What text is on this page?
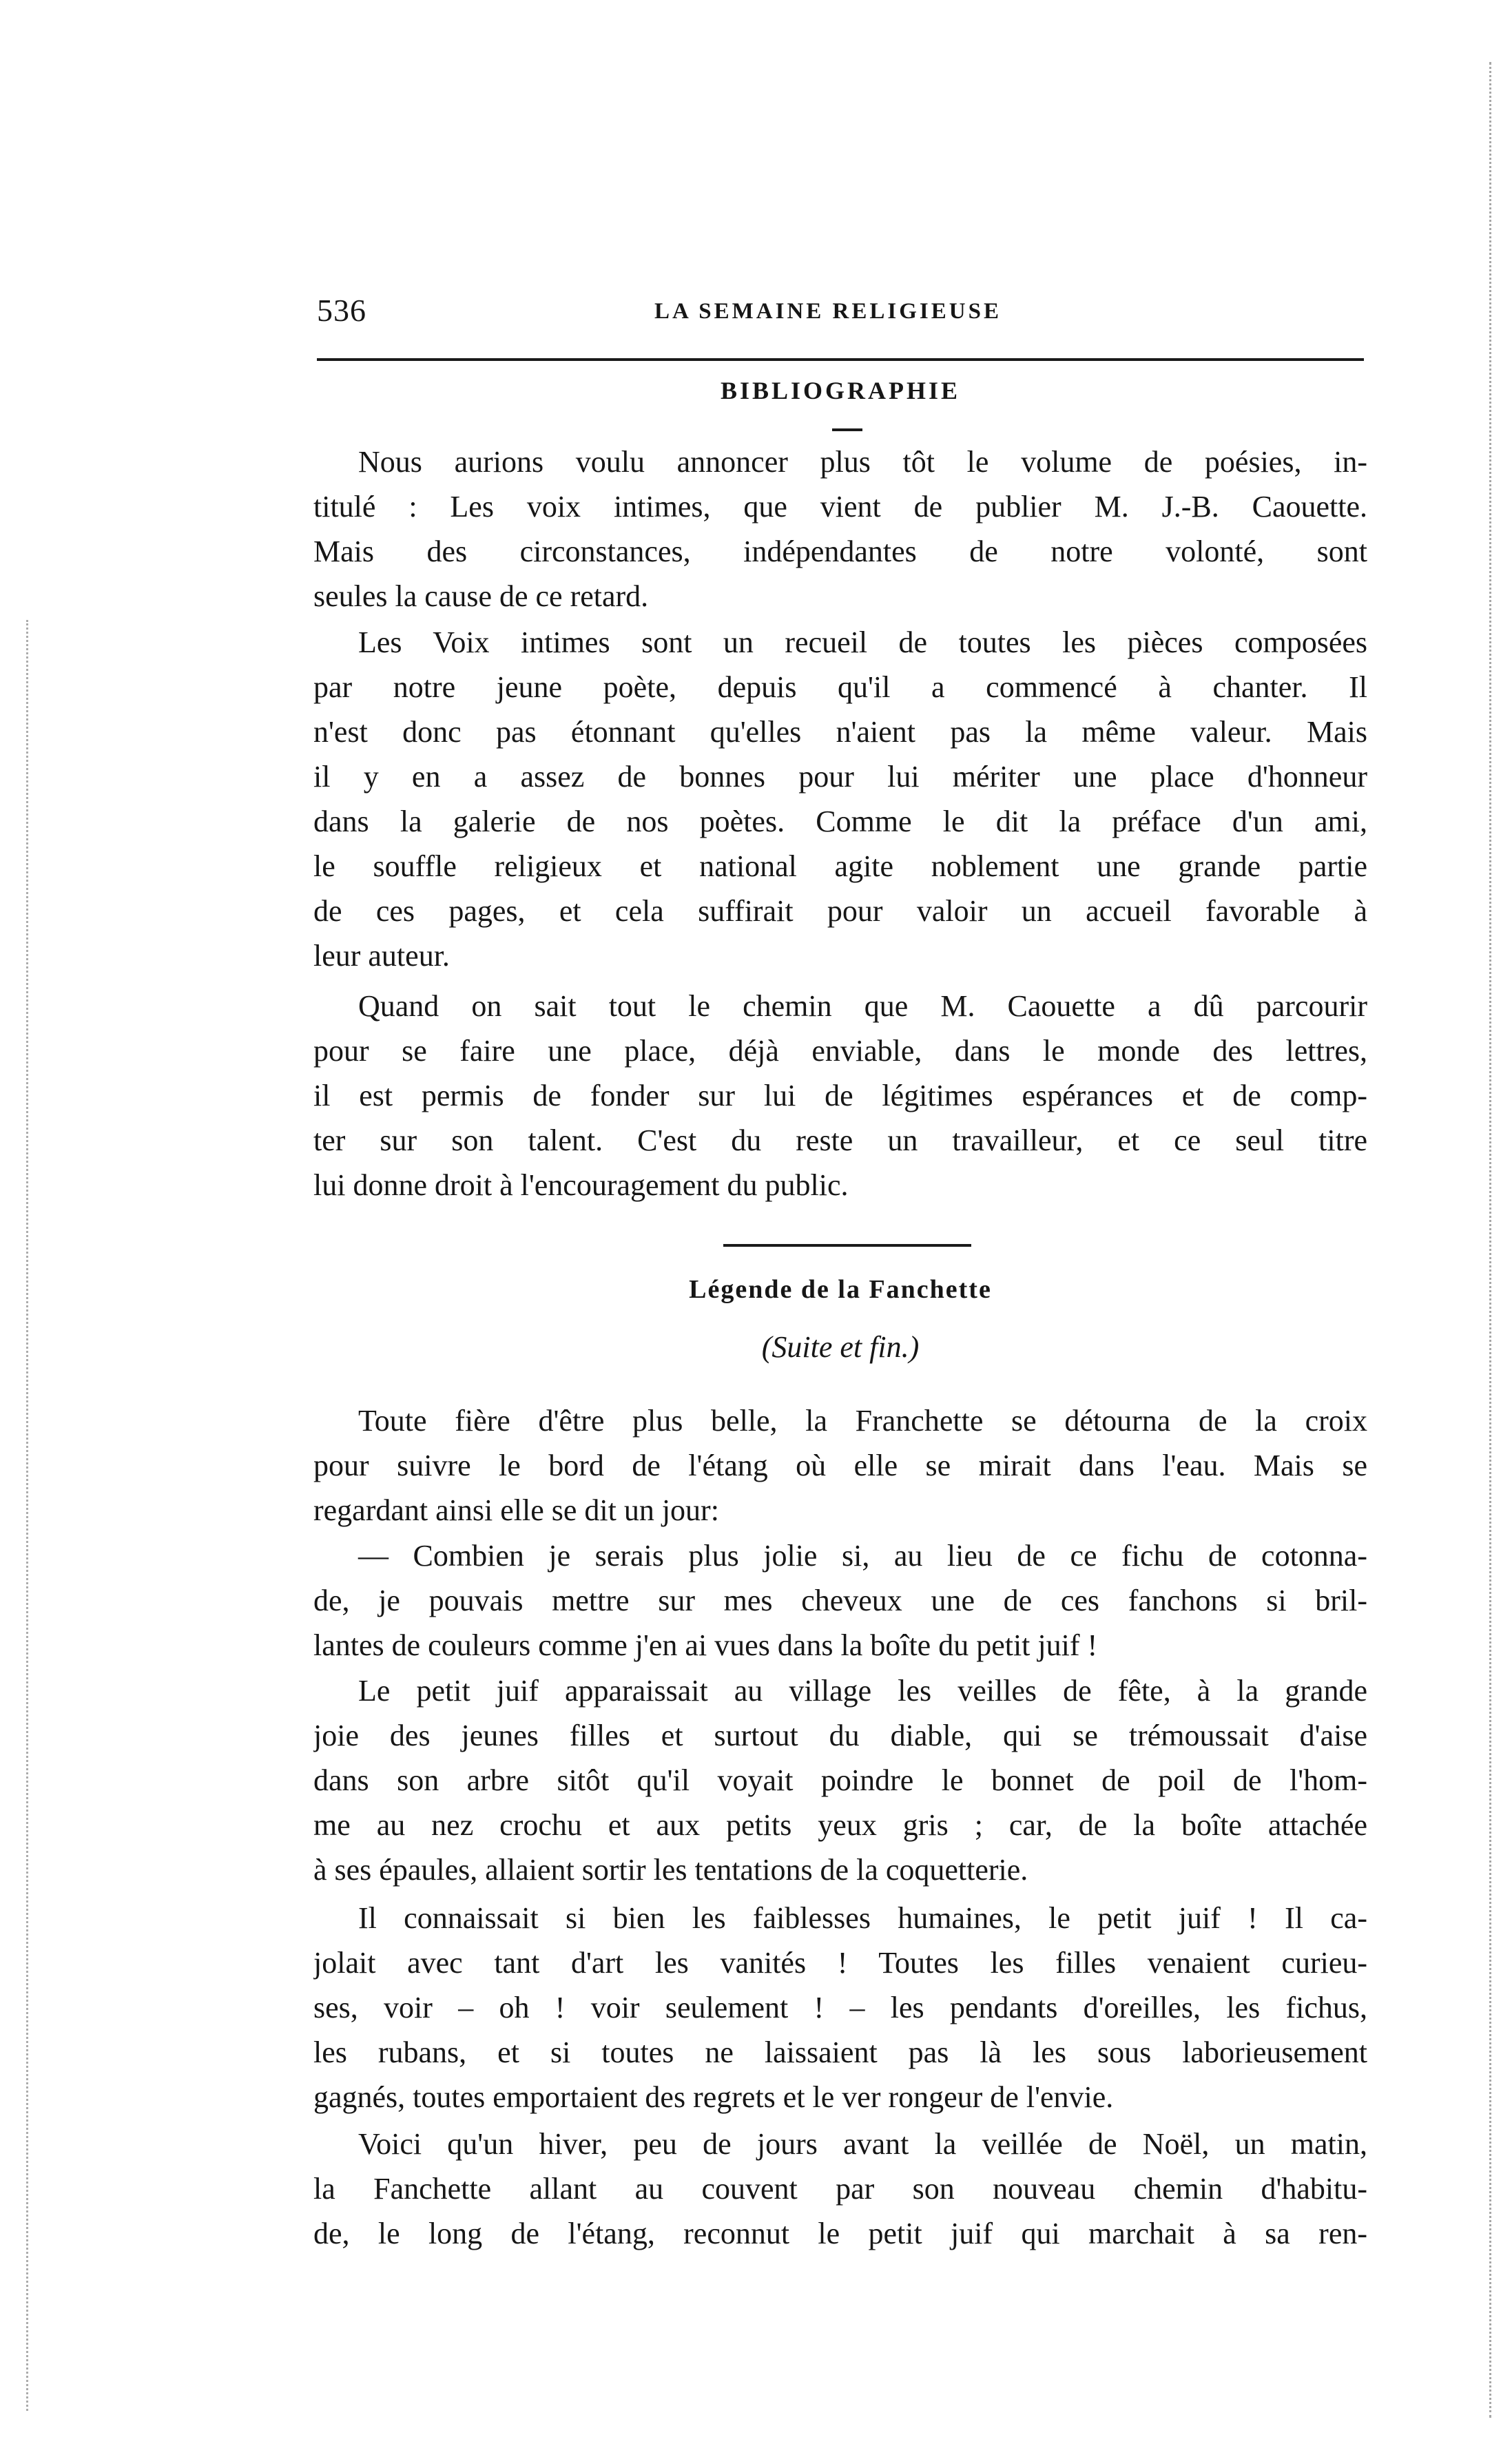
536	LA SEMAINE RELIGIEUSE
BIBLIOGRAPHIE
Nous aurions voulu annoncer plus tôt le volume de poésies, in-
titulé : Les voix intimes, que vient de publier M. J.-B. Caouette.
Mais des circonstances, indépendantes de notre volonté, sont
seules la cause de ce retard.
Les Voix intimes sont un recueil de toutes les pièces composées
par notre jeune poète, depuis qu'il a commencé à chanter. Il
n'est donc pas étonnant qu'elles n'aient pas la même valeur. Mais
il y en a assez de bonnes pour lui mériter une place d'honneur
dans la galerie de nos poètes. Comme le dit la préface d'un ami,
le souffle religieux et national agite noblement une grande partie
de ces pages, et cela suffirait pour valoir un accueil favorable à
leur auteur.
Quand on sait tout le chemin que M. Caouette a dû parcourir
pour se faire une place, déjà enviable, dans le monde des lettres,
il est permis de fonder sur lui de légitimes espérances et de comp-
ter sur son talent. C'est du reste un travailleur, et ce seul titre
lui donne droit à l'encouragement du public.
Légende de la Fanchette
(Suite et fin.)
Toute fière d'être plus belle, la Franchette se détourna de la croix
pour suivre le bord de l'étang où elle se mirait dans l'eau. Mais se
regardant ainsi elle se dit un jour:
— Combien je serais plus jolie si, au lieu de ce fichu de cotonna-
de, je pouvais mettre sur mes cheveux une de ces fanchons si bril-
lantes de couleurs comme j'en ai vues dans la boîte du petit juif !
Le petit juif apparaissait au village les veilles de fête, à la grande
joie des jeunes filles et surtout du diable, qui se trémoussait d'aise
dans son arbre sitôt qu'il voyait poindre le bonnet de poil de l'hom-
me au nez crochu et aux petits yeux gris ; car, de la boîte attachée
à ses épaules, allaient sortir les tentations de la coquetterie.
Il connaissait si bien les faiblesses humaines, le petit juif ! Il ca-
jolait avec tant d'art les vanités ! Toutes les filles venaient curieu-
ses, voir – oh ! voir seulement ! – les pendants d'oreilles, les fichus,
les rubans, et si toutes ne laissaient pas là les sous laborieusement
gagnés, toutes emportaient des regrets et le ver rongeur de l'envie.
Voici qu'un hiver, peu de jours avant la veillée de Noël, un matin,
la Fanchette allant au couvent par son nouveau chemin d'habitu-
de, le long de l'étang, reconnut le petit juif qui marchait à sa ren-
